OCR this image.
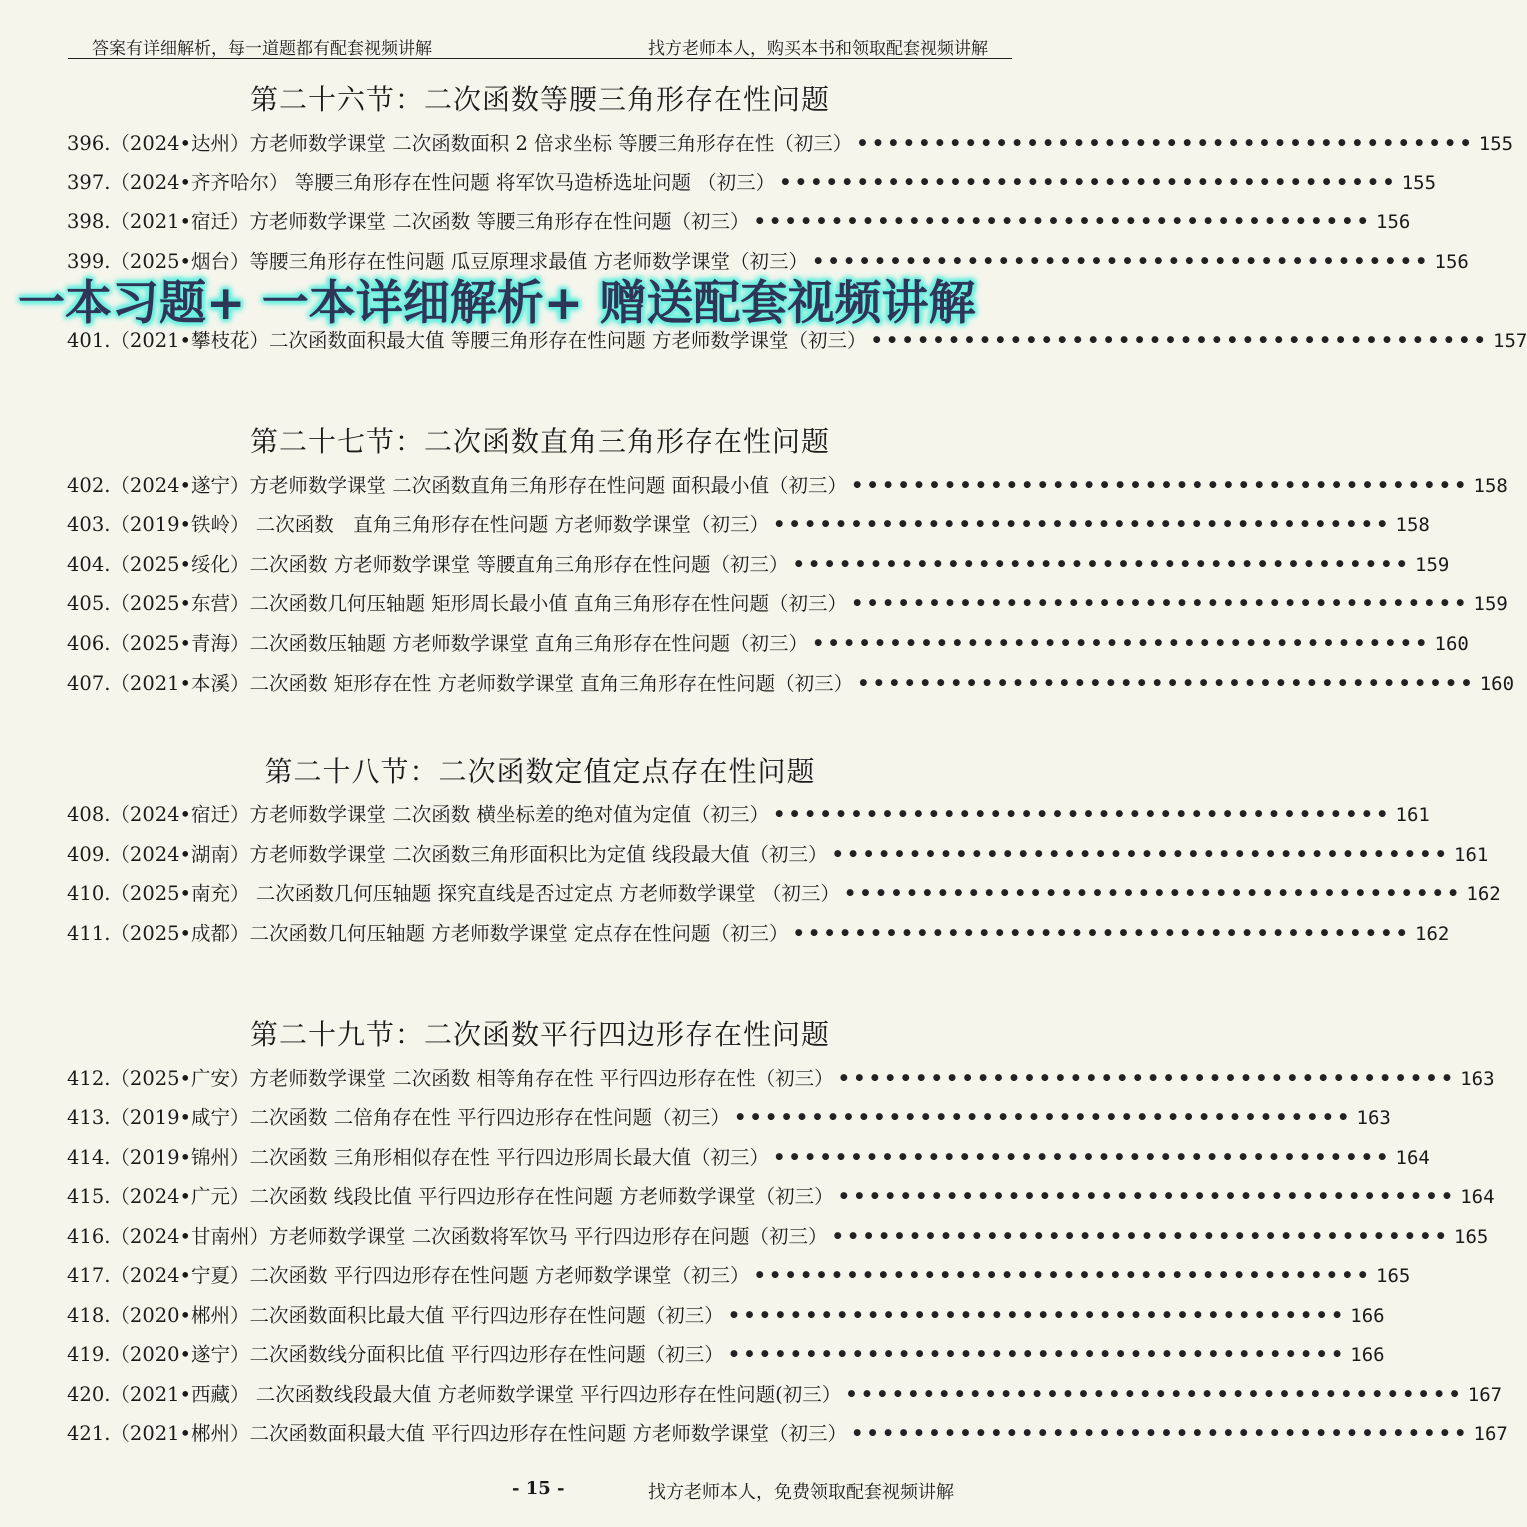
答案有详细解析，每一道题都有配套视频讲解	找方老师本人，购买本书和领取配套视频讲解
第二十六节：二次函数等腰三角形存在性问题
396.（2024•达州）方老师数学课堂 二次函数面积 2 倍求坐标 等腰三角形存在性（初三） •••••••••••••••••••••••••••••••••••••••• 155
397.（2024•齐齐哈尔） 等腰三角形存在性问题 将军饮马造桥选址问题 （初三） •••••••••••••••••••••••••••••••••••••••• 155
398.（2021•宿迁）方老师数学课堂 二次函数 等腰三角形存在性问题（初三） •••••••••••••••••••••••••••••••••••••••• 156
399.（2025•烟台）等腰三角形存在性问题 瓜豆原理求最值 方老师数学课堂（初三） •••••••••••••••••••••••••••••••••••••••• 156
401.（2021•攀枝花）二次函数面积最大值 等腰三角形存在性问题 方老师数学课堂（初三） •••••••••••••••••••••••••••••••••••••••• 157
一本习题+ 一本详细解析+ 赠送配套视频讲解
第二十七节：二次函数直角三角形存在性问题
402.（2024•遂宁）方老师数学课堂 二次函数直角三角形存在性问题 面积最小值（初三） •••••••••••••••••••••••••••••••••••••••• 158
403.（2019•铁岭） 二次函数　直角三角形存在性问题 方老师数学课堂（初三） •••••••••••••••••••••••••••••••••••••••• 158
404.（2025•绥化）二次函数 方老师数学课堂 等腰直角三角形存在性问题（初三） •••••••••••••••••••••••••••••••••••••••• 159
405.（2025•东营）二次函数几何压轴题 矩形周长最小值 直角三角形存在性问题（初三） •••••••••••••••••••••••••••••••••••••••• 159
406.（2025•青海）二次函数压轴题 方老师数学课堂 直角三角形存在性问题（初三） •••••••••••••••••••••••••••••••••••••••• 160
407.（2021•本溪）二次函数 矩形存在性 方老师数学课堂 直角三角形存在性问题（初三） •••••••••••••••••••••••••••••••••••••••• 160
第二十八节：二次函数定值定点存在性问题
408.（2024•宿迁）方老师数学课堂 二次函数 横坐标差的绝对值为定值（初三） •••••••••••••••••••••••••••••••••••••••• 161
409.（2024•湖南）方老师数学课堂 二次函数三角形面积比为定值 线段最大值（初三） •••••••••••••••••••••••••••••••••••••••• 161
410.（2025•南充） 二次函数几何压轴题 探究直线是否过定点 方老师数学课堂 （初三） •••••••••••••••••••••••••••••••••••••••• 162
411.（2025•成都）二次函数几何压轴题 方老师数学课堂 定点存在性问题（初三） •••••••••••••••••••••••••••••••••••••••• 162
第二十九节：二次函数平行四边形存在性问题
412.（2025•广安）方老师数学课堂 二次函数 相等角存在性 平行四边形存在性（初三） •••••••••••••••••••••••••••••••••••••••• 163
413.（2019•咸宁）二次函数 二倍角存在性 平行四边形存在性问题（初三） •••••••••••••••••••••••••••••••••••••••• 163
414.（2019•锦州）二次函数 三角形相似存在性 平行四边形周长最大值（初三） •••••••••••••••••••••••••••••••••••••••• 164
415.（2024•广元）二次函数 线段比值 平行四边形存在性问题 方老师数学课堂（初三） •••••••••••••••••••••••••••••••••••••••• 164
416.（2024•甘南州）方老师数学课堂 二次函数将军饮马 平行四边形存在问题（初三） •••••••••••••••••••••••••••••••••••••••• 165
417.（2024•宁夏）二次函数 平行四边形存在性问题 方老师数学课堂（初三） •••••••••••••••••••••••••••••••••••••••• 165
418.（2020•郴州）二次函数面积比最大值 平行四边形存在性问题（初三） •••••••••••••••••••••••••••••••••••••••• 166
419.（2020•遂宁）二次函数线分面积比值 平行四边形存在性问题（初三） •••••••••••••••••••••••••••••••••••••••• 166
420.（2021•西藏） 二次函数线段最大值 方老师数学课堂 平行四边形存在性问题(初三） •••••••••••••••••••••••••••••••••••••••• 167
421.（2021•郴州）二次函数面积最大值 平行四边形存在性问题 方老师数学课堂（初三） •••••••••••••••••••••••••••••••••••••••• 167
- 15 -	找方老师本人，免费领取配套视频讲解
